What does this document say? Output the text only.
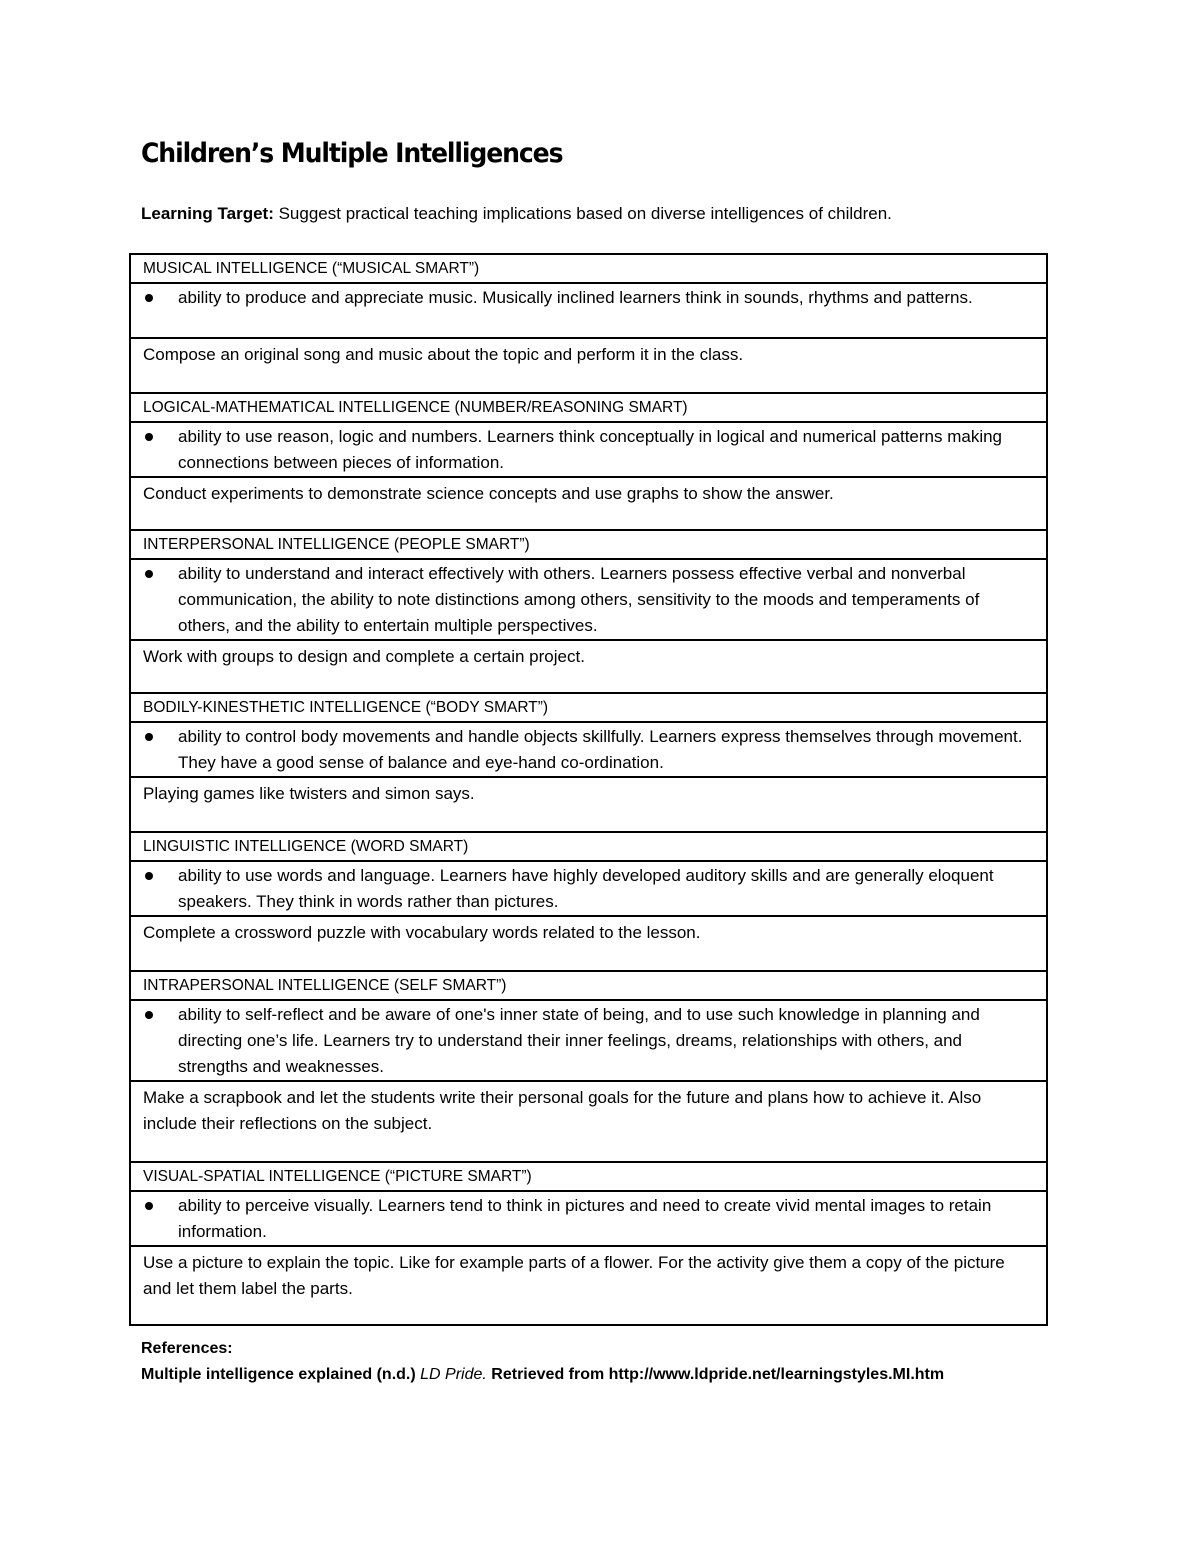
Children’s Multiple Intelligences
Learning Target: Suggest practical teaching implications based on diverse intelligences of children.
MUSICAL INTELLIGENCE (“MUSICAL SMART”)

ability to produce and appreciate music. Musically inclined learners think in sounds, rhythms and patterns.

Compose an original song and music about the topic and perform it in the class.
LOGICAL-MATHEMATICAL INTELLIGENCE (NUMBER/REASONING SMART)

ability to use reason, logic and numbers. Learners think conceptually in logical and numerical patterns making connections between pieces of information.

Conduct experiments to demonstrate science concepts and use graphs to show the answer.
INTERPERSONAL INTELLIGENCE (PEOPLE SMART”)

ability to understand and interact effectively with others. Learners possess effective verbal and nonverbal communication, the ability to note distinctions among others, sensitivity to the moods and temperaments of others, and the ability to entertain multiple perspectives.

Work with groups to design and complete a certain project.
BODILY-KINESTHETIC INTELLIGENCE (“BODY SMART”)

ability to control body movements and handle objects skillfully. Learners express themselves through movement. They have a good sense of balance and eye-hand co-ordination.

Playing games like twisters and simon says.
LINGUISTIC INTELLIGENCE (WORD SMART)

ability to use words and language. Learners have highly developed auditory skills and are generally eloquent speakers. They think in words rather than pictures.

Complete a crossword puzzle with vocabulary words related to the lesson.
INTRAPERSONAL INTELLIGENCE (SELF SMART”)

ability to self-reflect and be aware of one's inner state of being, and to use such knowledge in planning and directing one’s life. Learners try to understand their inner feelings, dreams, relationships with others, and strengths and weaknesses.

Make a scrapbook and let the students write their personal goals for the future and plans how to achieve it. Also include their reflections on the subject.
VISUAL-SPATIAL INTELLIGENCE (“PICTURE SMART”)

ability to perceive visually. Learners tend to think in pictures and need to create vivid mental images to retain information.

Use a picture to explain the topic. Like for example parts of a flower. For the activity give them a copy of the picture and let them label the parts.
References:
Multiple intelligence explained (n.d.) LD Pride. Retrieved from http://www.ldpride.net/learningstyles.MI.htm
